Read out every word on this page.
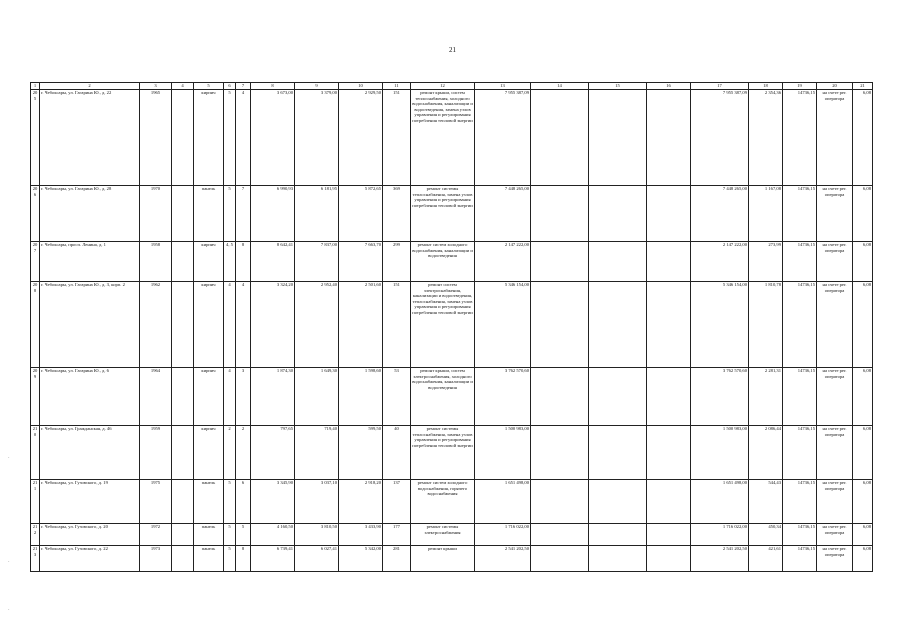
21
1	2	3	4	5	6	7	8	9	10	11	12	13	14	15	16	17	18	19	20	21
205	г. Чебоксары, ул. Гагарина Ю., д. 22	1965		кирпич	5	4	3 673,00	3 379,00	2 929,50	151	ремонт крыши, систем теплоснабжения, холодного водоснабжения, канализации и водоотведения, замена узлов управления и регулирования потребления тепловой энергии	7 955 387,09				7 955 387,09	2 354,36	14736,15	на счете рег. оператора	6,08
206	г. Чебоксары, ул. Гагарина Ю., д. 28	1970		панель	5	7	6 990,93	6 181,95	5 872,65	369	ремонт системы теплоснабжения, замена узлов управления и регулирования потребления тепловой энергии	7 448 265,00				7 448 265,00	1 167,08	14736,15	на счете рег. оператора	6,08
207	г. Чебоксары, просп. Ленина, д. 1	1958		кирпич	4, 5	8	8 642,41	7 837,00	7 663,70	299	ремонт систем холодного водоснабжения, канализации и водоотведения	2 147 222,00				2 147 222,00	273,99	14736,15	на счете рег. оператора	6,08
208	г. Чебоксары, ул. Гагарина Ю., д. 3, корп. 2	1962		кирпич	4	4	3 324,20	2 952,40	2 501,60	151	ремонт систем электроснабжения, канализации и водоотведения, теплоснабжения, замена узлов управления и регулирования потребления тепловой энергии	5 346 154,00				5 346 154,00	1 810,78	14736,15	на счете рег. оператора	6,08
209	г. Чебоксары, ул. Гагарина Ю., д. 6	1964		кирпич	4	3	1 874,30	1 649,30	1 598,60	53	ремонт крыши, систем электроснабжения, холодного водоснабжения, канализации и водоотведения	3 762 570,60				3 762 570,60	2 281,31	14736,15	на счете рег. оператора	6,08
210	г. Чебоксары, ул. Гражданская, д. 46	1959		кирпич	2	2	797,65	719,40	599,50	40	ремонт системы теплоснабжения, замена узлов управления и регулирования потребления тепловой энергии	1 500 983,00				1 500 983,00	2 086,44	14736,15	на счете рег. оператора	6,08
211	г. Чебоксары, ул. Гузовского, д. 19	1975		панель	5	6	3 345,90	3 037,10	2 918,20	137	ремонт систем холодного водоснабжения, горячего водоснабжения	1 651 498,00				1 651 498,00	544,43	14736,15	на счете рег. оператора	6,08
212	г. Чебоксары, ул. Гузовского, д. 20	1972		панель	5	5	4 160,50	3 810,50	3 433,90	177	ремонт системы электроснабжения	1 716 022,00				1 716 022,00	450,34	14736,15	на счете рег. оператора	6,08
213	г. Чебоксары, ул. Гузовского, д. 22	1973		панель	5	8	6 739,41	6 027,41	5 342,00	281	ремонт крыши	2 541 202,50				2 541 202,50	421,61	14736,15	на счете рег. оператора	6,08
·
·
·
